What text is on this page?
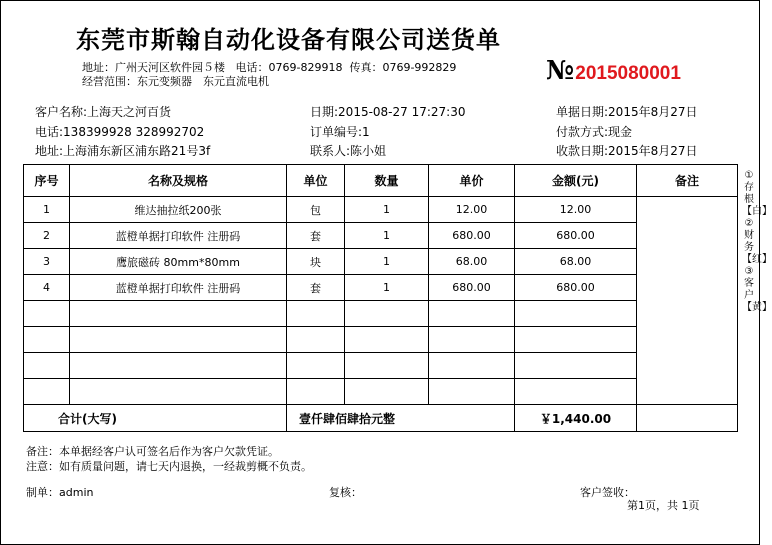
东莞市斯翰自动化设备有限公司送货单
地址：广州天河区软件园５楼 电话：0769-829918 传真：0769-992829
经营范围：东元变频器　东元直流电机	№2015080001
客户名称:上海天之河百货	日期:2015-08-27 17:27:30	单据日期:2015年8月27日
电话:138399928 328992702	订单编号:1	付款方式:现金
地址:上海浦东新区浦东路21号3f	联系人:陈小姐	收款日期:2015年8月27日
序号	名称及规格	单位	数量	单价	金额(元)	备注
1	维达抽拉纸200张	包	1	12.00	12.00	
2	蓝橙单据打印软件 注册码	套	1	680.00	680.00	
3	鹰旅磁砖 80mm*80mm	块	1	68.00	68.00	
4	蓝橙单据打印软件 注册码	套	1	680.00	680.00	

合计(大写)		壹仟肆佰肆拾元整			￥1,440.00	
①存根【白】②财务【红】③客户【黄】
备注：本单据经客户认可签名后作为客户欠款凭证。
注意：如有质量问题，请七天内退换，一经裁剪概不负责。
制单：admin	复核：	客户签收：
第1页，共 1页
